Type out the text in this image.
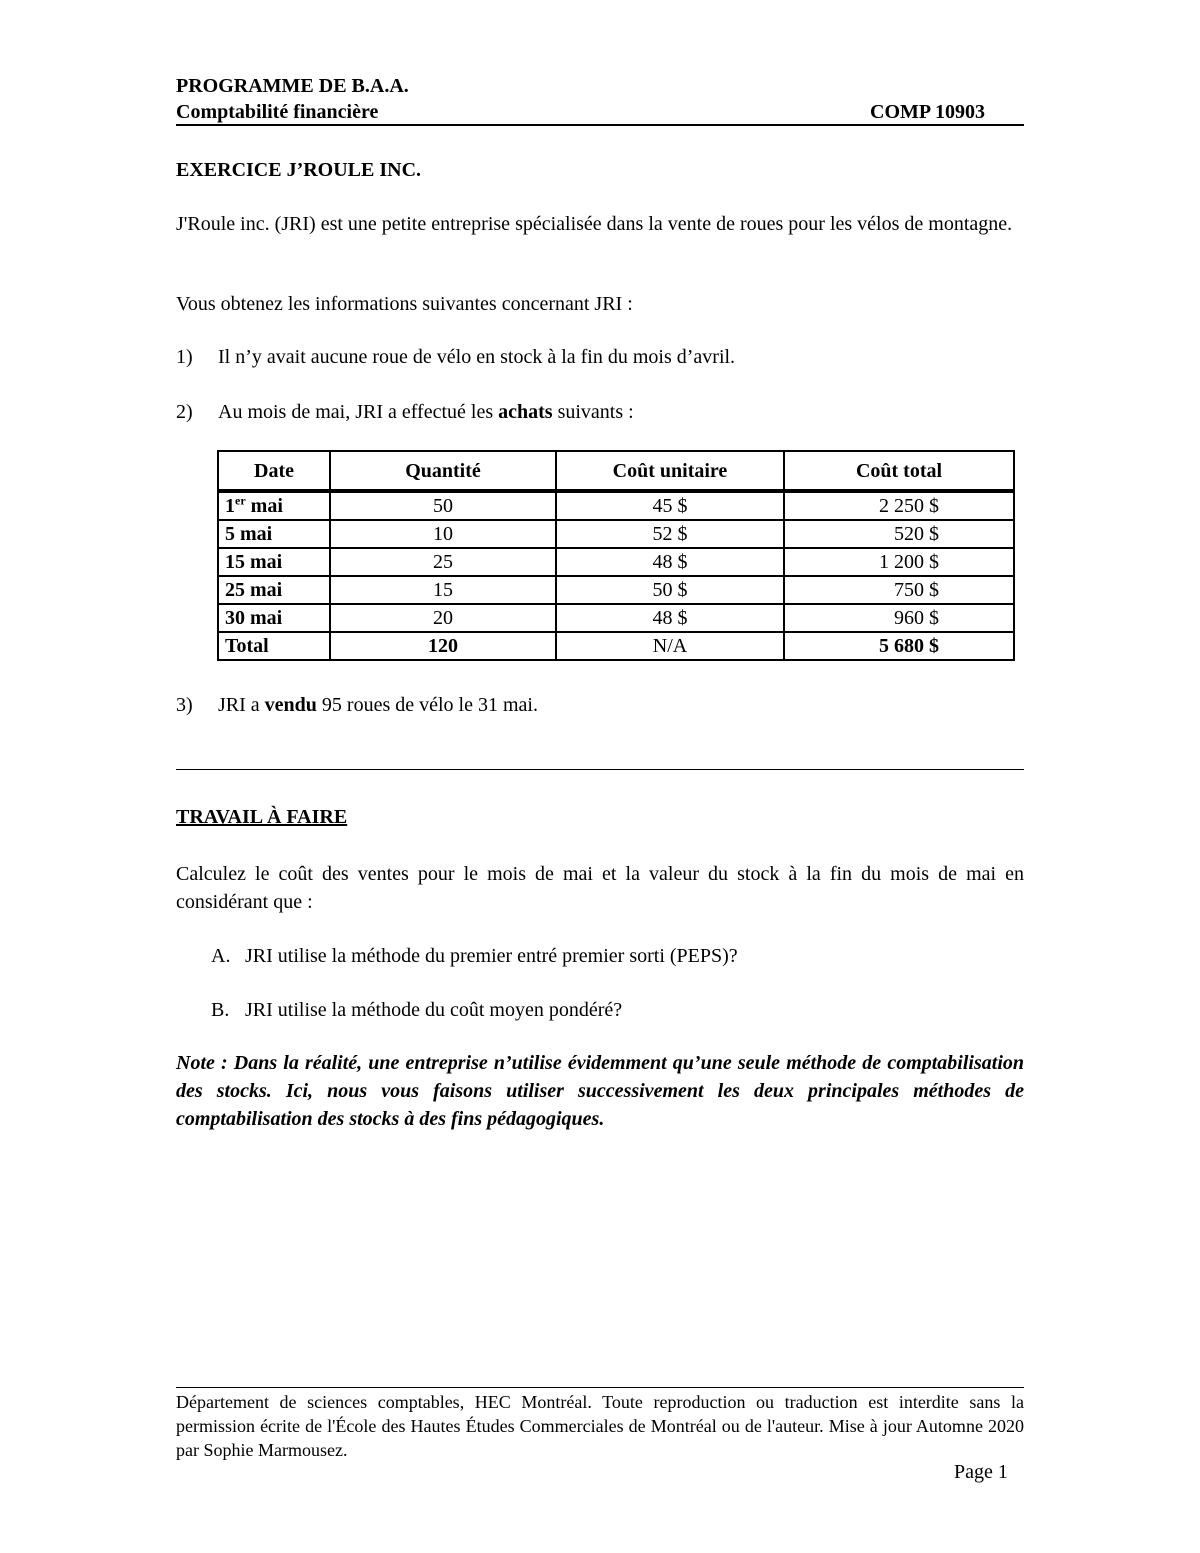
PROGRAMME DE B.A.A.
Comptabilité financière	COMP 10903
EXERCICE J’ROULE INC.
J'Roule inc. (JRI) est une petite entreprise spécialisée dans la vente de roues pour les vélos de montagne.
Vous obtenez les informations suivantes concernant JRI :
1) Il n’y avait aucune roue de vélo en stock à la fin du mois d’avril.
2) Au mois de mai, JRI a effectué les achats suivants :
Date	Quantité	Coût unitaire	Coût total
1er mai	50	45 $	2 250 $
5 mai	10	52 $	520 $
15 mai	25	48 $	1 200 $
25 mai	15	50 $	750 $
30 mai	20	48 $	960 $
Total	120	N/A	5 680 $
3) JRI a vendu 95 roues de vélo le 31 mai.
TRAVAIL À FAIRE
Calculez le coût des ventes pour le mois de mai et la valeur du stock à la fin du mois de mai en considérant que :
A. JRI utilise la méthode du premier entré premier sorti (PEPS)?
B. JRI utilise la méthode du coût moyen pondéré?
Note : Dans la réalité, une entreprise n’utilise évidemment qu’une seule méthode de comptabilisation des stocks. Ici, nous vous faisons utiliser successivement les deux principales méthodes de comptabilisation des stocks à des fins pédagogiques.
Département de sciences comptables, HEC Montréal. Toute reproduction ou traduction est interdite sans la permission écrite de l'École des Hautes Études Commerciales de Montréal ou de l'auteur. Mise à jour Automne 2020 par Sophie Marmousez.
Page 1
